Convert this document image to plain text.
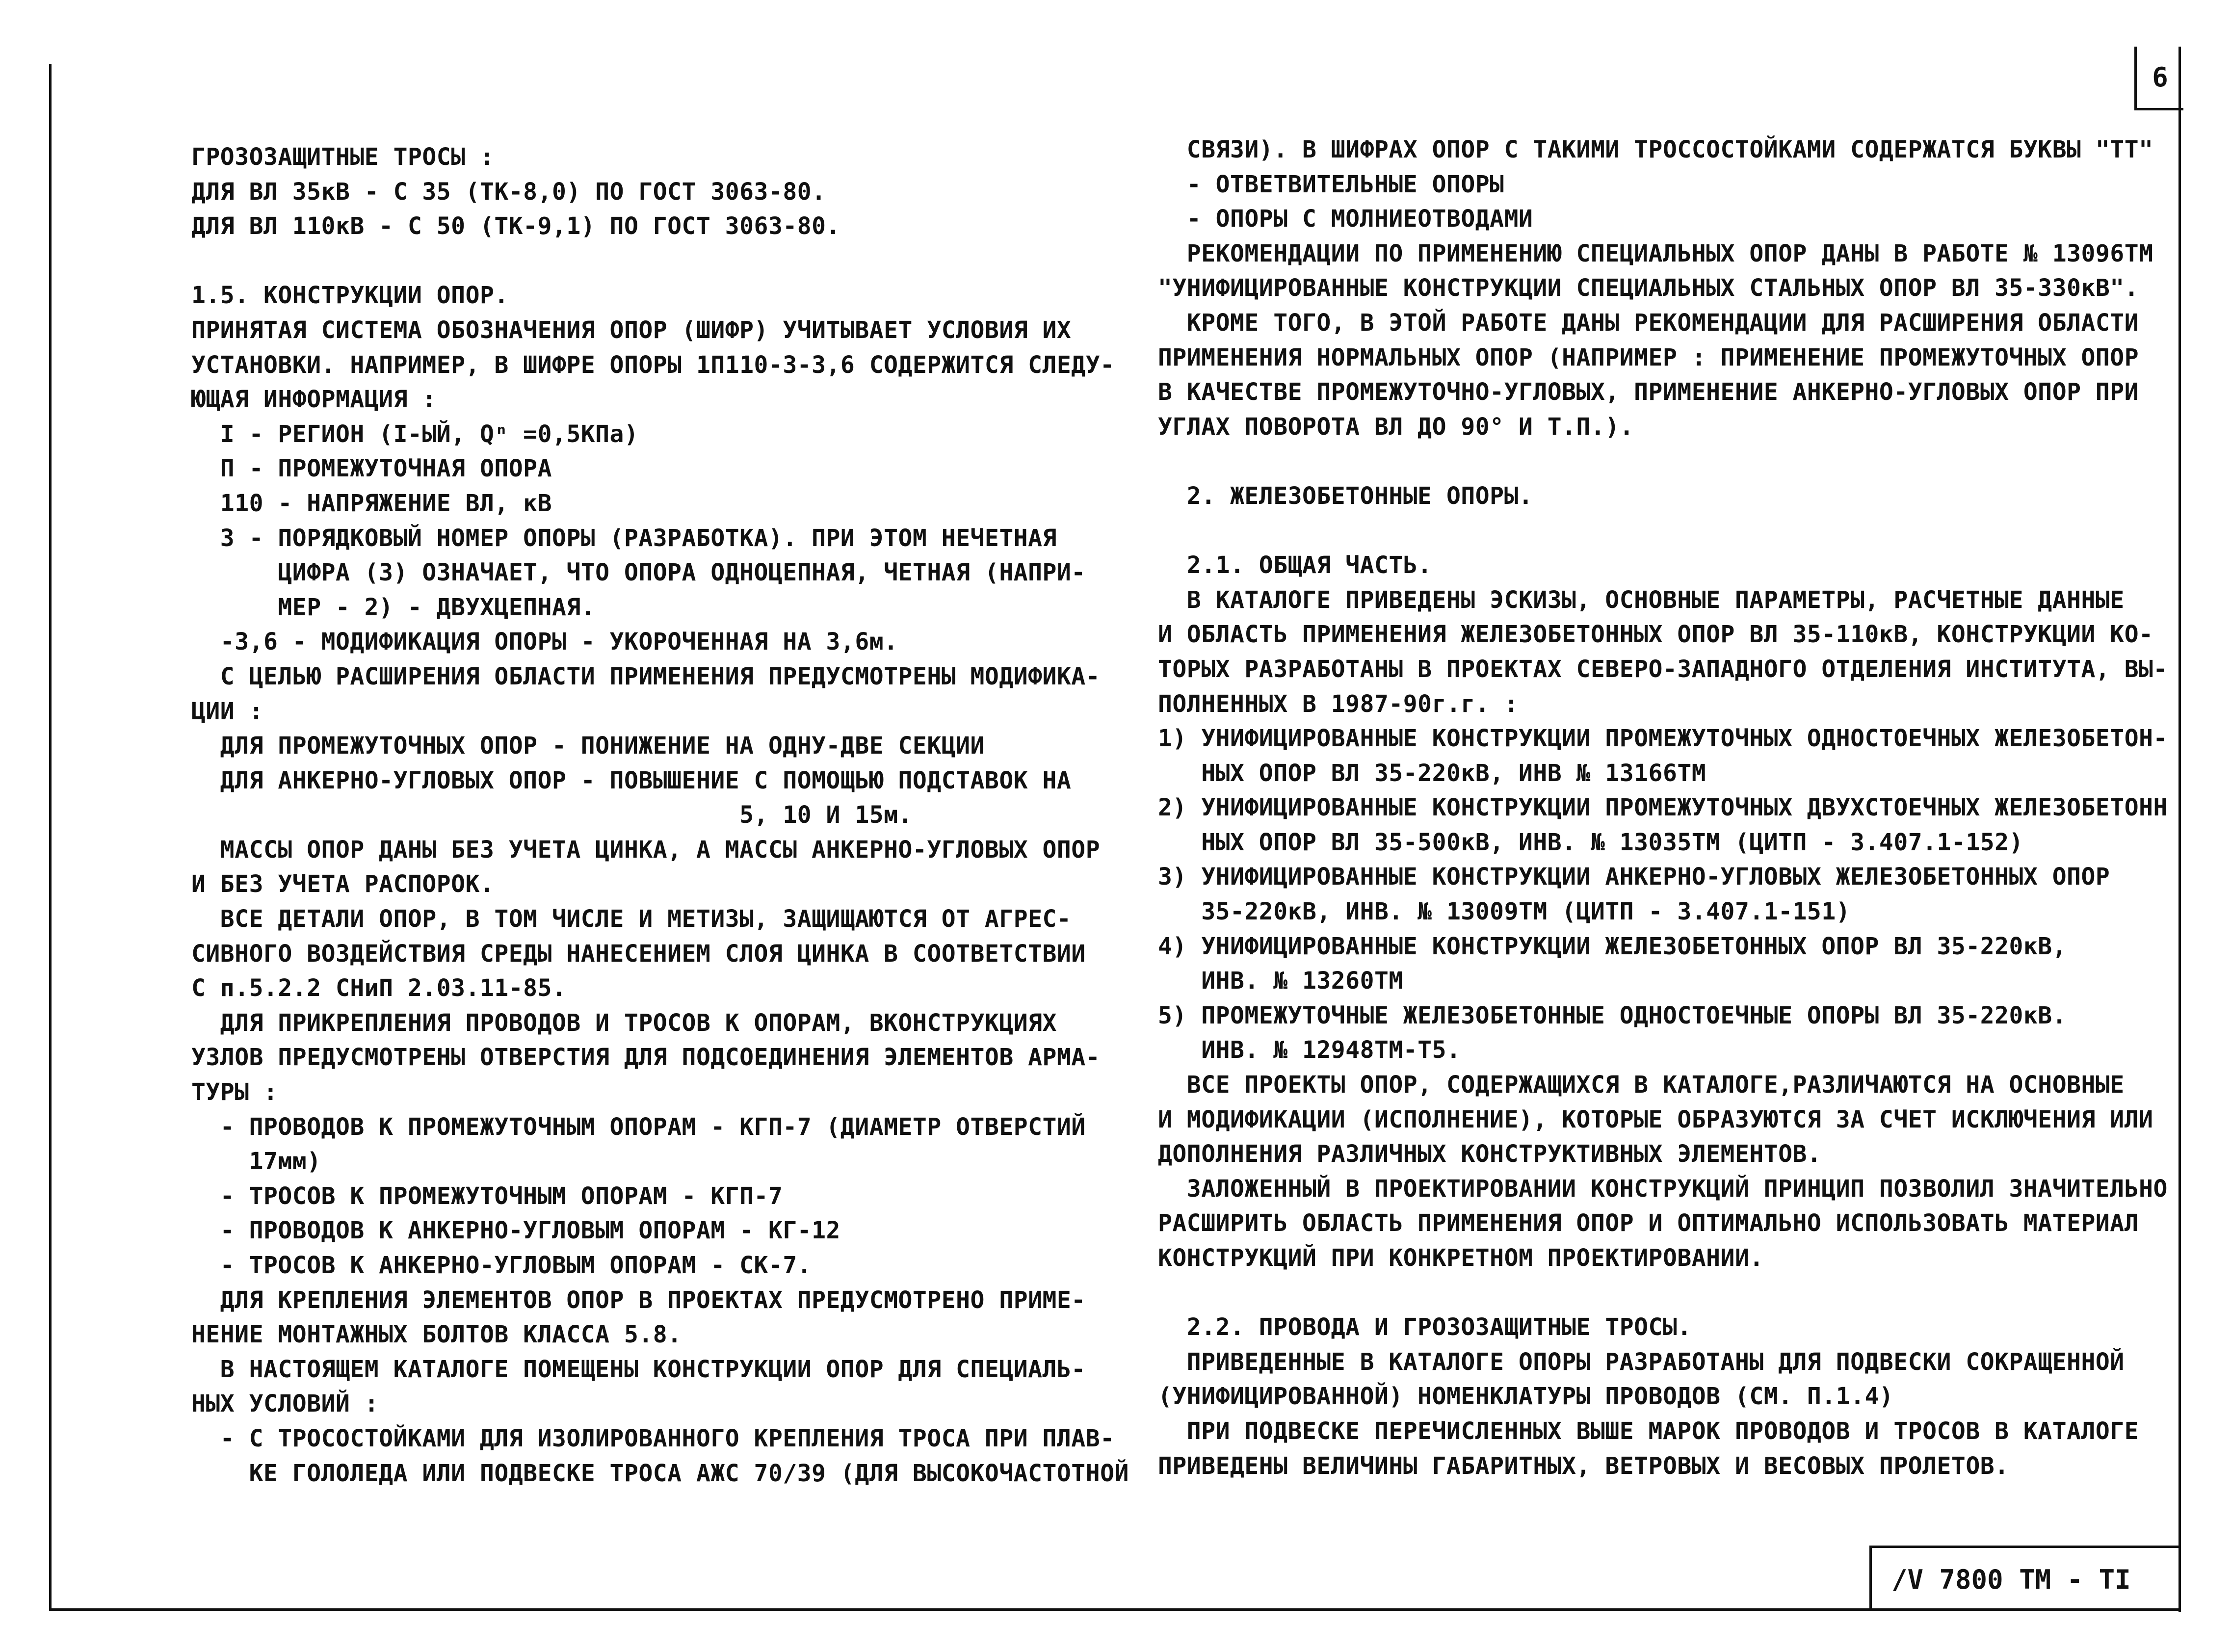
6
/V 7800 ТМ - TI
ГРОЗОЗАЩИТНЫЕ ТРОСЫ :
ДЛЯ ВЛ 35кВ - С 35 (ТК-8,0) ПО ГОСТ 3063-80.
ДЛЯ ВЛ 110кВ - С 50 (ТК-9,1) ПО ГОСТ 3063-80.
1.5. КОНСТРУКЦИИ ОПОР.
ПРИНЯТАЯ СИСТЕМА ОБОЗНАЧЕНИЯ ОПОР (ШИФР) УЧИТЫВАЕТ УСЛОВИЯ ИХ
УСТАНОВКИ. НАПРИМЕР, В ШИФРЕ ОПОРЫ 1П110-3-3,6 СОДЕРЖИТСЯ СЛЕДУ-
ЮЩАЯ ИНФОРМАЦИЯ :
I - РЕГИОН (I-ЫЙ, Qⁿ =0,5КПа)
П - ПРОМЕЖУТОЧНАЯ ОПОРА
110 - НАПРЯЖЕНИЕ ВЛ, кВ
3 - ПОРЯДКОВЫЙ НОМЕР ОПОРЫ (РАЗРАБОТКА). ПРИ ЭТОМ НЕЧЕТНАЯ
ЦИФРА (3) ОЗНАЧАЕТ, ЧТО ОПОРА ОДНОЦЕПНАЯ, ЧЕТНАЯ (НАПРИ-
МЕР - 2) - ДВУХЦЕПНАЯ.
-3,6 - МОДИФИКАЦИЯ ОПОРЫ - УКОРОЧЕННАЯ НА 3,6м.
С ЦЕЛЬЮ РАСШИРЕНИЯ ОБЛАСТИ ПРИМЕНЕНИЯ ПРЕДУСМОТРЕНЫ МОДИФИКА-
ЦИИ :
ДЛЯ ПРОМЕЖУТОЧНЫХ ОПОР - ПОНИЖЕНИЕ НА ОДНУ-ДВЕ СЕКЦИИ
ДЛЯ АНКЕРНО-УГЛОВЫХ ОПОР - ПОВЫШЕНИЕ С ПОМОЩЬЮ ПОДСТАВОК НА
5, 10 И 15м.
МАССЫ ОПОР ДАНЫ БЕЗ УЧЕТА ЦИНКА, А МАССЫ АНКЕРНО-УГЛОВЫХ ОПОР
И БЕЗ УЧЕТА РАСПОРОК.
ВСЕ ДЕТАЛИ ОПОР, В ТОМ ЧИСЛЕ И МЕТИЗЫ, ЗАЩИЩАЮТСЯ ОТ АГРЕС-
СИВНОГО ВОЗДЕЙСТВИЯ СРЕДЫ НАНЕСЕНИЕМ СЛОЯ ЦИНКА В СООТВЕТСТВИИ
С п.5.2.2 СНиП 2.03.11-85.
ДЛЯ ПРИКРЕПЛЕНИЯ ПРОВОДОВ И ТРОСОВ К ОПОРАМ, ВКОНСТРУКЦИЯХ
УЗЛОВ ПРЕДУСМОТРЕНЫ ОТВЕРСТИЯ ДЛЯ ПОДСОЕДИНЕНИЯ ЭЛЕМЕНТОВ АРМА-
ТУРЫ :
- ПРОВОДОВ К ПРОМЕЖУТОЧНЫМ ОПОРАМ - КГП-7 (ДИАМЕТР ОТВЕРСТИЙ
17мм)
- ТРОСОВ К ПРОМЕЖУТОЧНЫМ ОПОРАМ - КГП-7
- ПРОВОДОВ К АНКЕРНО-УГЛОВЫМ ОПОРАМ - КГ-12
- ТРОСОВ К АНКЕРНО-УГЛОВЫМ ОПОРАМ - СК-7.
ДЛЯ КРЕПЛЕНИЯ ЭЛЕМЕНТОВ ОПОР В ПРОЕКТАХ ПРЕДУСМОТРЕНО ПРИМЕ-
НЕНИЕ МОНТАЖНЫХ БОЛТОВ КЛАССА 5.8.
В НАСТОЯЩЕМ КАТАЛОГЕ ПОМЕЩЕНЫ КОНСТРУКЦИИ ОПОР ДЛЯ СПЕЦИАЛЬ-
НЫХ УСЛОВИЙ :
- С ТРОСОСТОЙКАМИ ДЛЯ ИЗОЛИРОВАННОГО КРЕПЛЕНИЯ ТРОСА ПРИ ПЛАВ-
КЕ ГОЛОЛЕДА ИЛИ ПОДВЕСКЕ ТРОСА АЖС 70/39 (ДЛЯ ВЫСОКОЧАСТОТНОЙ
СВЯЗИ). В ШИФРАХ ОПОР С ТАКИМИ ТРОССОСТОЙКАМИ СОДЕРЖАТСЯ БУКВЫ "ТТ"
- ОТВЕТВИТЕЛЬНЫЕ ОПОРЫ
- ОПОРЫ С МОЛНИЕОТВОДАМИ
РЕКОМЕНДАЦИИ ПО ПРИМЕНЕНИЮ СПЕЦИАЛЬНЫХ ОПОР ДАНЫ В РАБОТЕ № 13096ТМ
"УНИФИЦИРОВАННЫЕ КОНСТРУКЦИИ СПЕЦИАЛЬНЫХ СТАЛЬНЫХ ОПОР ВЛ 35-330кВ".
КРОМЕ ТОГО, В ЭТОЙ РАБОТЕ ДАНЫ РЕКОМЕНДАЦИИ ДЛЯ РАСШИРЕНИЯ ОБЛАСТИ
ПРИМЕНЕНИЯ НОРМАЛЬНЫХ ОПОР (НАПРИМЕР : ПРИМЕНЕНИЕ ПРОМЕЖУТОЧНЫХ ОПОР
В КАЧЕСТВЕ ПРОМЕЖУТОЧНО-УГЛОВЫХ, ПРИМЕНЕНИЕ АНКЕРНО-УГЛОВЫХ ОПОР ПРИ
УГЛАХ ПОВОРОТА ВЛ ДО 90° И Т.П.).
2. ЖЕЛЕЗОБЕТОННЫЕ ОПОРЫ.
2.1. ОБЩАЯ ЧАСТЬ.
В КАТАЛОГЕ ПРИВЕДЕНЫ ЭСКИЗЫ, ОСНОВНЫЕ ПАРАМЕТРЫ, РАСЧЕТНЫЕ ДАННЫЕ
И ОБЛАСТЬ ПРИМЕНЕНИЯ ЖЕЛЕЗОБЕТОННЫХ ОПОР ВЛ 35-110кВ, КОНСТРУКЦИИ КО-
ТОРЫХ РАЗРАБОТАНЫ В ПРОЕКТАХ СЕВЕРО-ЗАПАДНОГО ОТДЕЛЕНИЯ ИНСТИТУТА, ВЫ-
ПОЛНЕННЫХ В 1987-90г.г. :
1) УНИФИЦИРОВАННЫЕ КОНСТРУКЦИИ ПРОМЕЖУТОЧНЫХ ОДНОСТОЕЧНЫХ ЖЕЛЕЗОБЕТОН-
НЫХ ОПОР ВЛ 35-220кВ, ИНВ № 13166ТМ
2) УНИФИЦИРОВАННЫЕ КОНСТРУКЦИИ ПРОМЕЖУТОЧНЫХ ДВУХСТОЕЧНЫХ ЖЕЛЕЗОБЕТОНН
НЫХ ОПОР ВЛ 35-500кВ, ИНВ. № 13035ТМ (ЦИТП - 3.407.1-152)
3) УНИФИЦИРОВАННЫЕ КОНСТРУКЦИИ АНКЕРНО-УГЛОВЫХ ЖЕЛЕЗОБЕТОННЫХ ОПОР
35-220кВ, ИНВ. № 13009ТМ (ЦИТП - 3.407.1-151)
4) УНИФИЦИРОВАННЫЕ КОНСТРУКЦИИ ЖЕЛЕЗОБЕТОННЫХ ОПОР ВЛ 35-220кВ,
ИНВ. № 13260ТМ
5) ПРОМЕЖУТОЧНЫЕ ЖЕЛЕЗОБЕТОННЫЕ ОДНОСТОЕЧНЫЕ ОПОРЫ ВЛ 35-220кВ.
ИНВ. № 12948ТМ-Т5.
ВСЕ ПРОЕКТЫ ОПОР, СОДЕРЖАЩИХСЯ В КАТАЛОГЕ,РАЗЛИЧАЮТСЯ НА ОСНОВНЫЕ
И МОДИФИКАЦИИ (ИСПОЛНЕНИЕ), КОТОРЫЕ ОБРАЗУЮТСЯ ЗА СЧЕТ ИСКЛЮЧЕНИЯ ИЛИ
ДОПОЛНЕНИЯ РАЗЛИЧНЫХ КОНСТРУКТИВНЫХ ЭЛЕМЕНТОВ.
ЗАЛОЖЕННЫЙ В ПРОЕКТИРОВАНИИ КОНСТРУКЦИЙ ПРИНЦИП ПОЗВОЛИЛ ЗНАЧИТЕЛЬНО
РАСШИРИТЬ ОБЛАСТЬ ПРИМЕНЕНИЯ ОПОР И ОПТИМАЛЬНО ИСПОЛЬЗОВАТЬ МАТЕРИАЛ
КОНСТРУКЦИЙ ПРИ КОНКРЕТНОМ ПРОЕКТИРОВАНИИ.
2.2. ПРОВОДА И ГРОЗОЗАЩИТНЫЕ ТРОСЫ.
ПРИВЕДЕННЫЕ В КАТАЛОГЕ ОПОРЫ РАЗРАБОТАНЫ ДЛЯ ПОДВЕСКИ СОКРАЩЕННОЙ
(УНИФИЦИРОВАННОЙ) НОМЕНКЛАТУРЫ ПРОВОДОВ (СМ. П.1.4)
ПРИ ПОДВЕСКЕ ПЕРЕЧИСЛЕННЫХ ВЫШЕ МАРОК ПРОВОДОВ И ТРОСОВ В КАТАЛОГЕ
ПРИВЕДЕНЫ ВЕЛИЧИНЫ ГАБАРИТНЫХ, ВЕТРОВЫХ И ВЕСОВЫХ ПРОЛЕТОВ.
